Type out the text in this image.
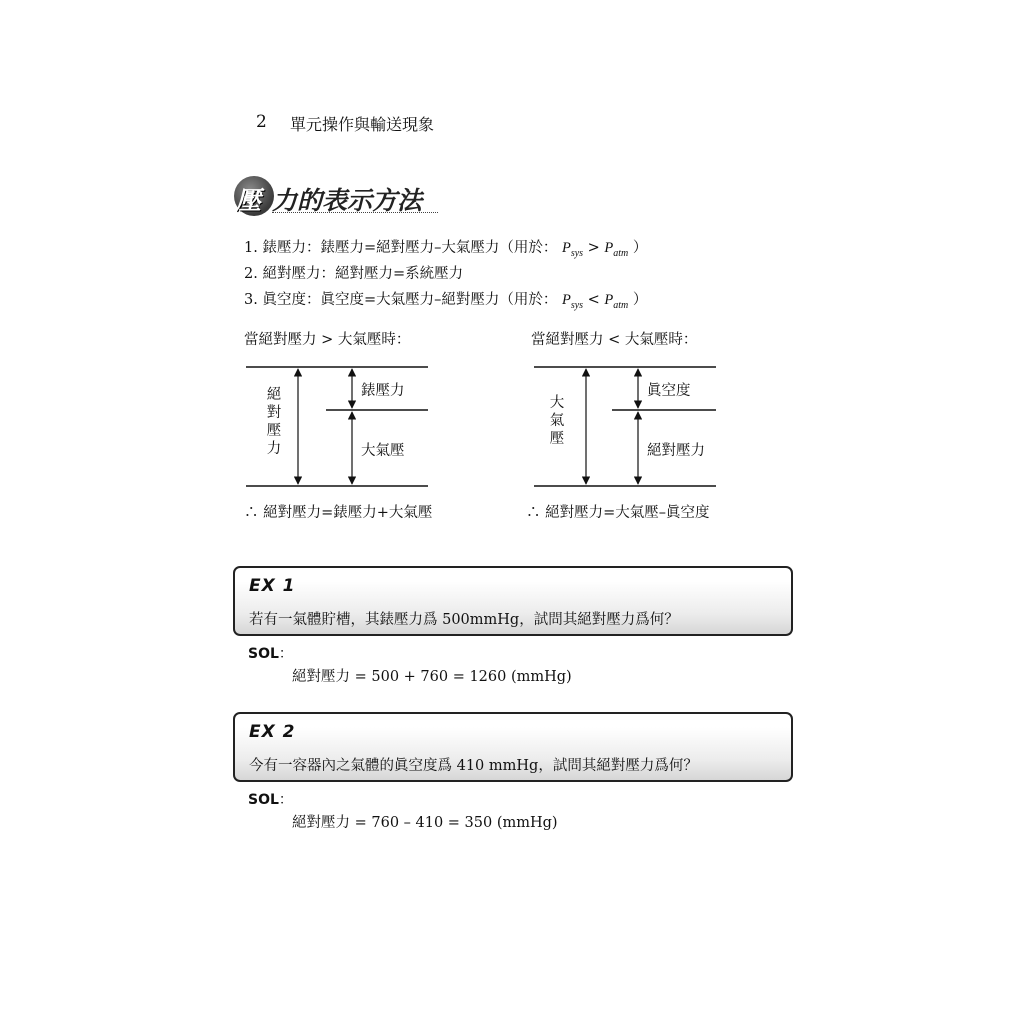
2 單元操作與輸送現象
壓 力的表示方法
1. 錶壓力：錶壓力=絕對壓力–大氣壓力（用於： $P_{sys} > P_{atm}$ ）
2. 絕對壓力：絕對壓力=系統壓力
3. 眞空度：眞空度=大氣壓力–絕對壓力（用於： $P_{sys} < P_{atm}$ ）
當絕對壓力 > 大氣壓時：
絕
對
壓
力
錶壓力
大氣壓
∴ 絕對壓力=錶壓力+大氣壓
當絕對壓力 < 大氣壓時：
大
氣
壓
眞空度
絕對壓力
∴ 絕對壓力=大氣壓–眞空度
EX 1
若有一氣體貯槽，其錶壓力爲 500mmHg，試問其絕對壓力爲何？
SOL：
絕對壓力 = 500 + 760 = 1260 (mmHg)
EX 2
今有一容器內之氣體的眞空度爲 410 mmHg，試問其絕對壓力爲何？
SOL：
絕對壓力 = 760 – 410 = 350 (mmHg)
